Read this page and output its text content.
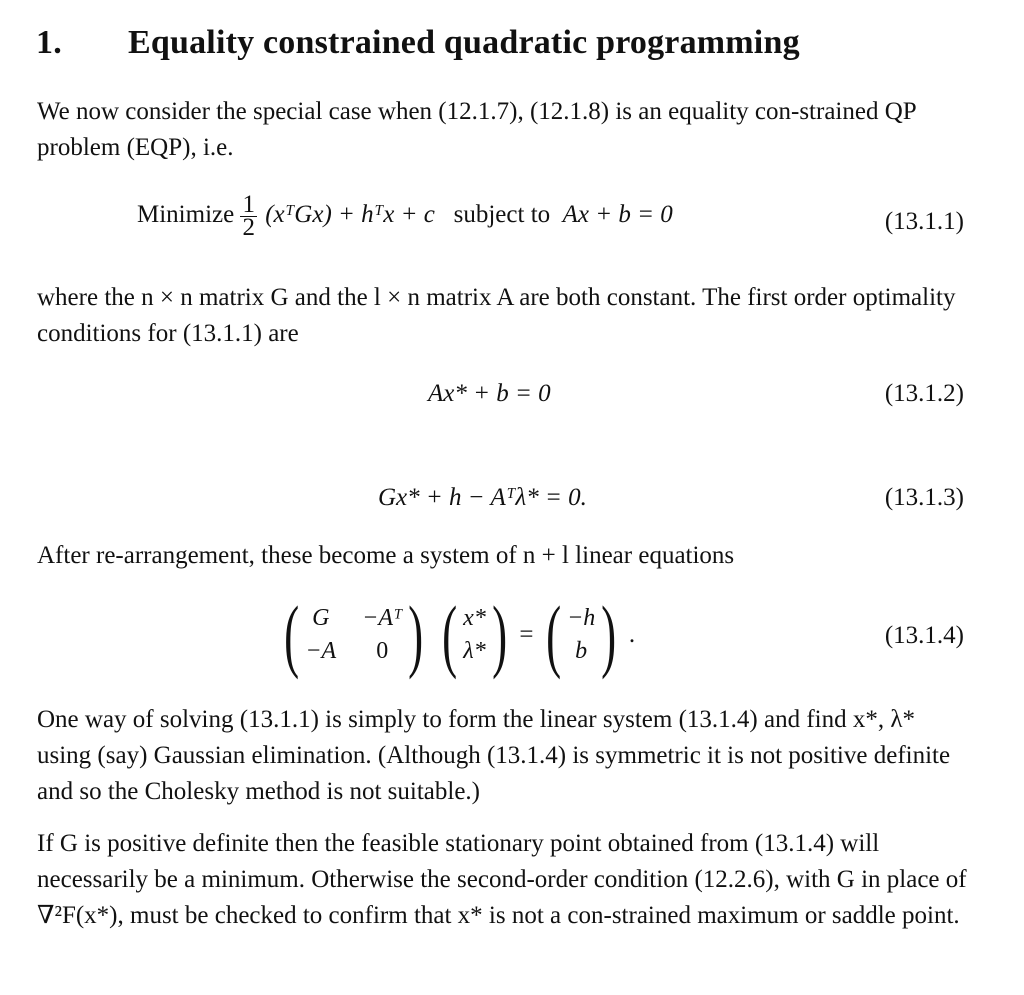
1. Equality constrained quadratic programming
We now consider the special case when (12.1.7), (12.1.8) is an equality con-strained QP problem (EQP), i.e.
Minimize $\frac{1}{2}$ (xᵀGx) + hᵀx + c subject to Ax + b = 0	(13.1.1)
where the n × n matrix G and the l × n matrix A are both constant. The first order optimality conditions for (13.1.1) are
Ax* + b = 0	(13.1.2)
Gx* + h − Aᵀλ* = 0.	(13.1.3)
After re-arrangement, these become a system of n + l linear equations
( G −Aᵀ
−A	0 )
( x*
λ* ) = ( −h
b ) .	(13.1.4)
One way of solving (13.1.1) is simply to form the linear system (13.1.4) and find x*, λ* using (say) Gaussian elimination. (Although (13.1.4) is symmetric it is not positive definite and so the Cholesky method is not suitable.)
If G is positive definite then the feasible stationary point obtained from (13.1.4) will necessarily be a minimum. Otherwise the second-order condition (12.2.6), with G in place of ∇²F(x*), must be checked to confirm that x* is not a con-strained maximum or saddle point.
